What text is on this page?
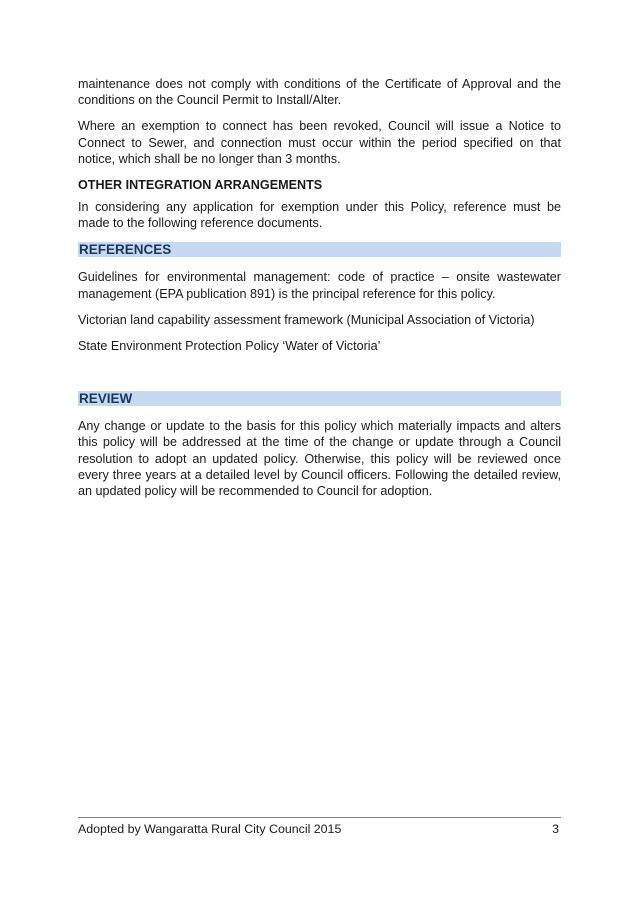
maintenance does not comply with conditions of the Certificate of Approval and the conditions on the Council Permit to Install/Alter.

Where an exemption to connect has been revoked, Council will issue a Notice to Connect to Sewer, and connection must occur within the period specified on that notice, which shall be no longer than 3 months.

OTHER INTEGRATION ARRANGEMENTS

In considering any application for exemption under this Policy, reference must be made to the following reference documents.

REFERENCES

Guidelines for environmental management: code of practice – onsite wastewater management (EPA publication 891) is the principal reference for this policy.

Victorian land capability assessment framework (Municipal Association of Victoria)

State Environment Protection Policy ‘Water of Victoria’

REVIEW

Any change or update to the basis for this policy which materially impacts and alters this policy will be addressed at the time of the change or update through a Council resolution to adopt an updated policy. Otherwise, this policy will be reviewed once every three years at a detailed level by Council officers. Following the detailed review, an updated policy will be recommended to Council for adoption.

Adopted by Wangaratta Rural City Council 2015	3
